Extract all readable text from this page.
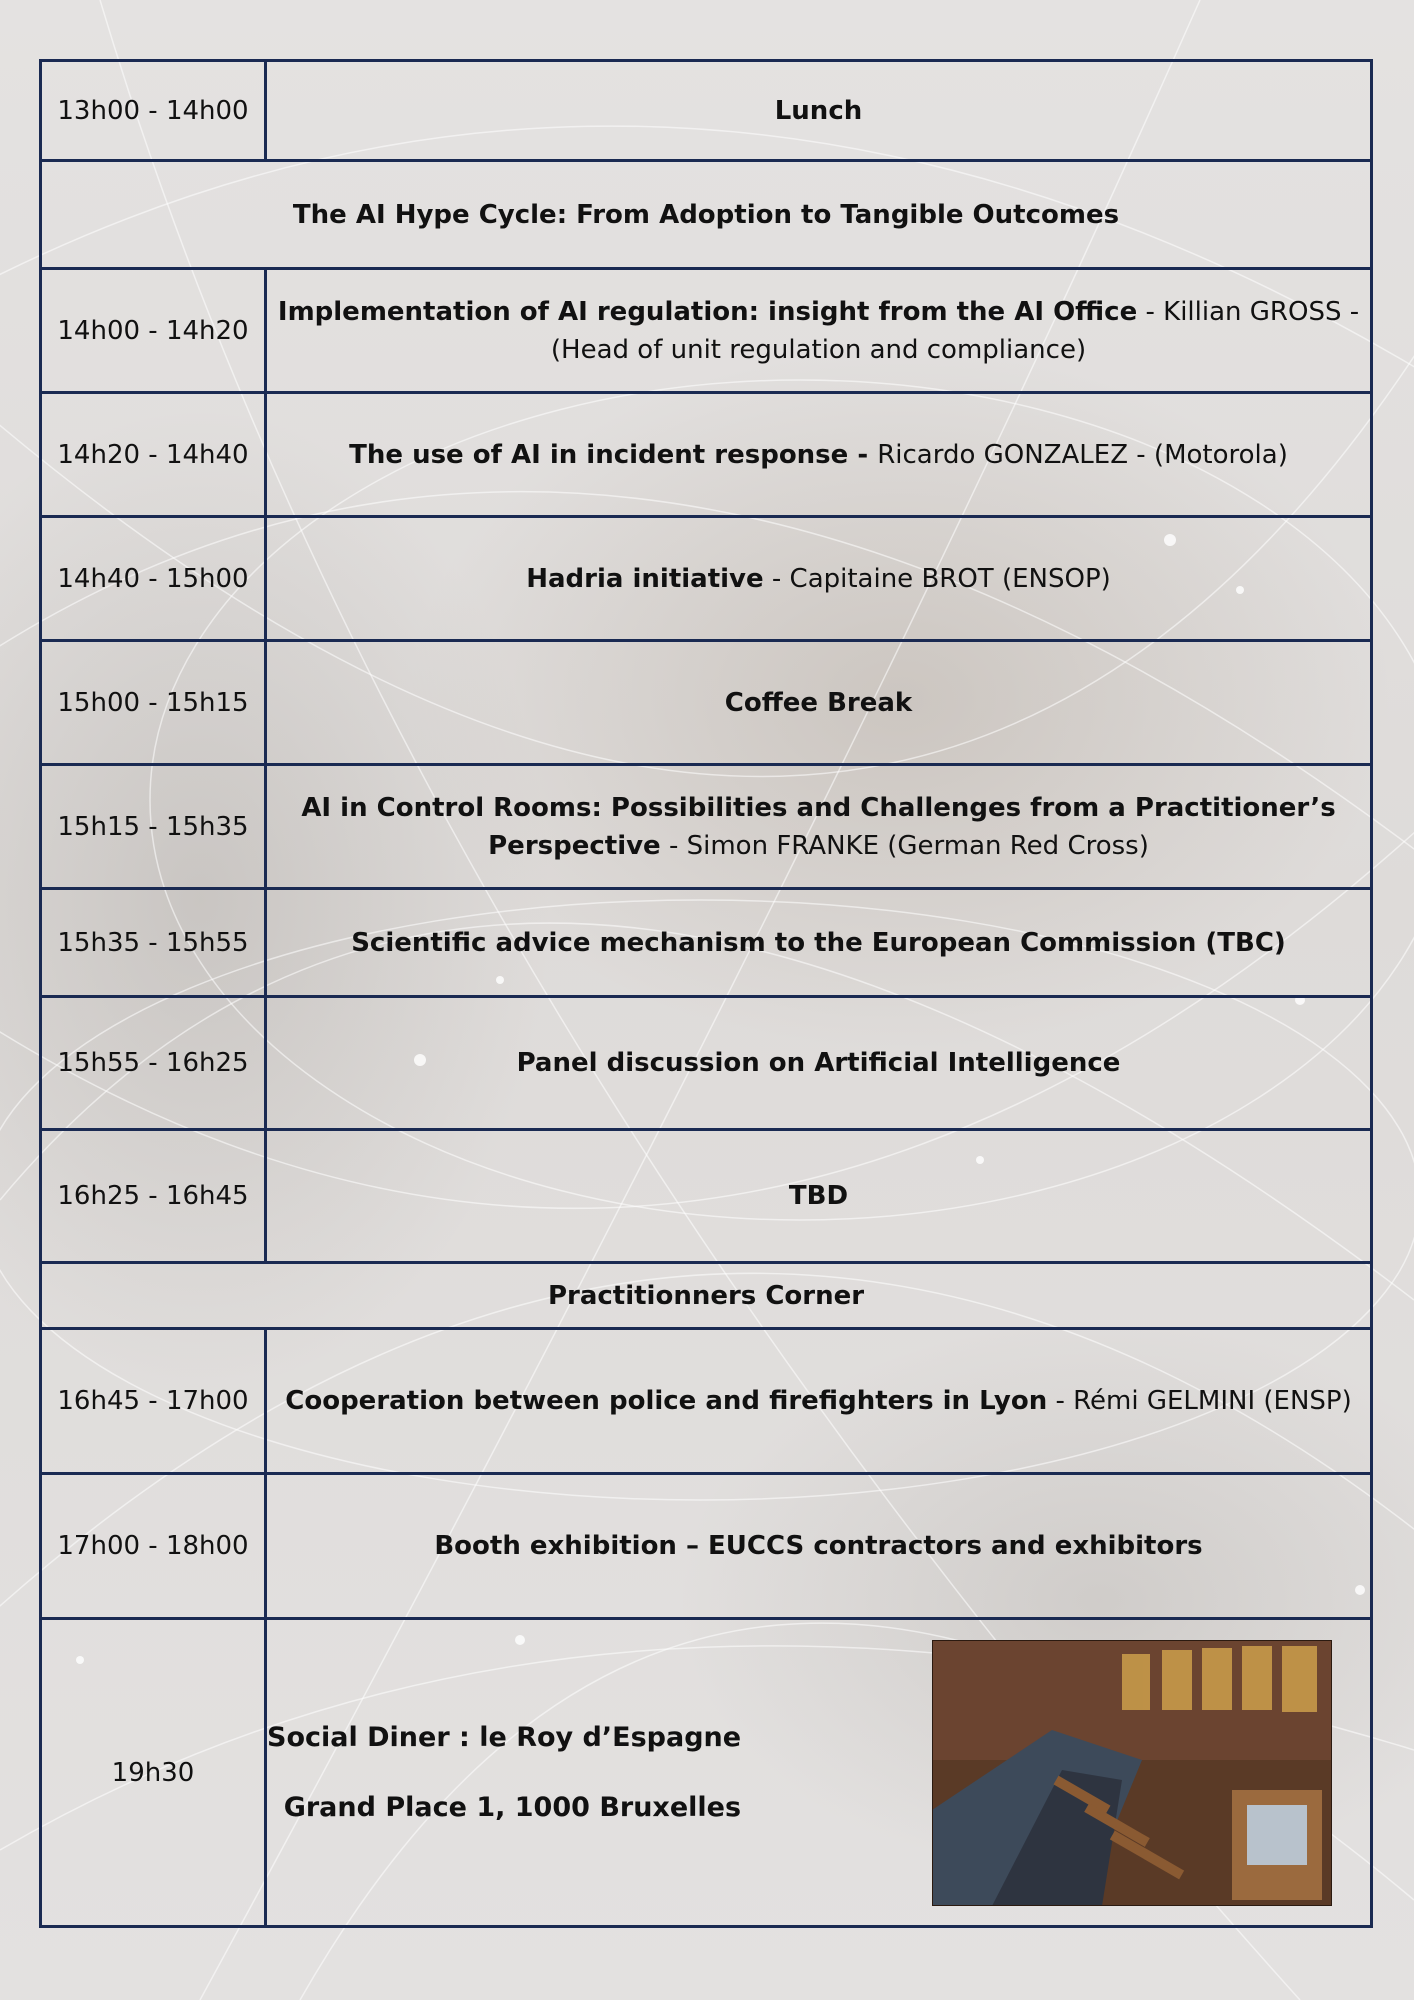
13h00 - 14h00	Lunch
The AI Hype Cycle: From Adoption to Tangible Outcomes	
14h00 - 14h20	Implementation of AI regulation: insight from the AI Office - Killian GROSS - (Head of unit regulation and compliance)
14h20 - 14h40	The use of AI in incident response - Ricardo GONZALEZ - (Motorola)
14h40 - 15h00	Hadria initiative - Capitaine BROT (ENSOP)
15h00 - 15h15	Coffee Break
15h15 - 15h35	AI in Control Rooms: Possibilities and Challenges from a Practitioner’s Perspective - Simon FRANKE (German Red Cross)
15h35 - 15h55	Scientific advice mechanism to the European Commission (TBC)
15h55 - 16h25	Panel discussion on Artificial Intelligence
16h25 - 16h45	TBD
Practitionners Corner	
16h45 - 17h00	Cooperation between police and firefighters in Lyon - Rémi GELMINI (ENSP)
17h00 - 18h00	Booth exhibition – EUCCS contractors and exhibitors
19h30	Social Diner : le Roy d’Espagne

Grand Place 1, 1000 Bruxelles
